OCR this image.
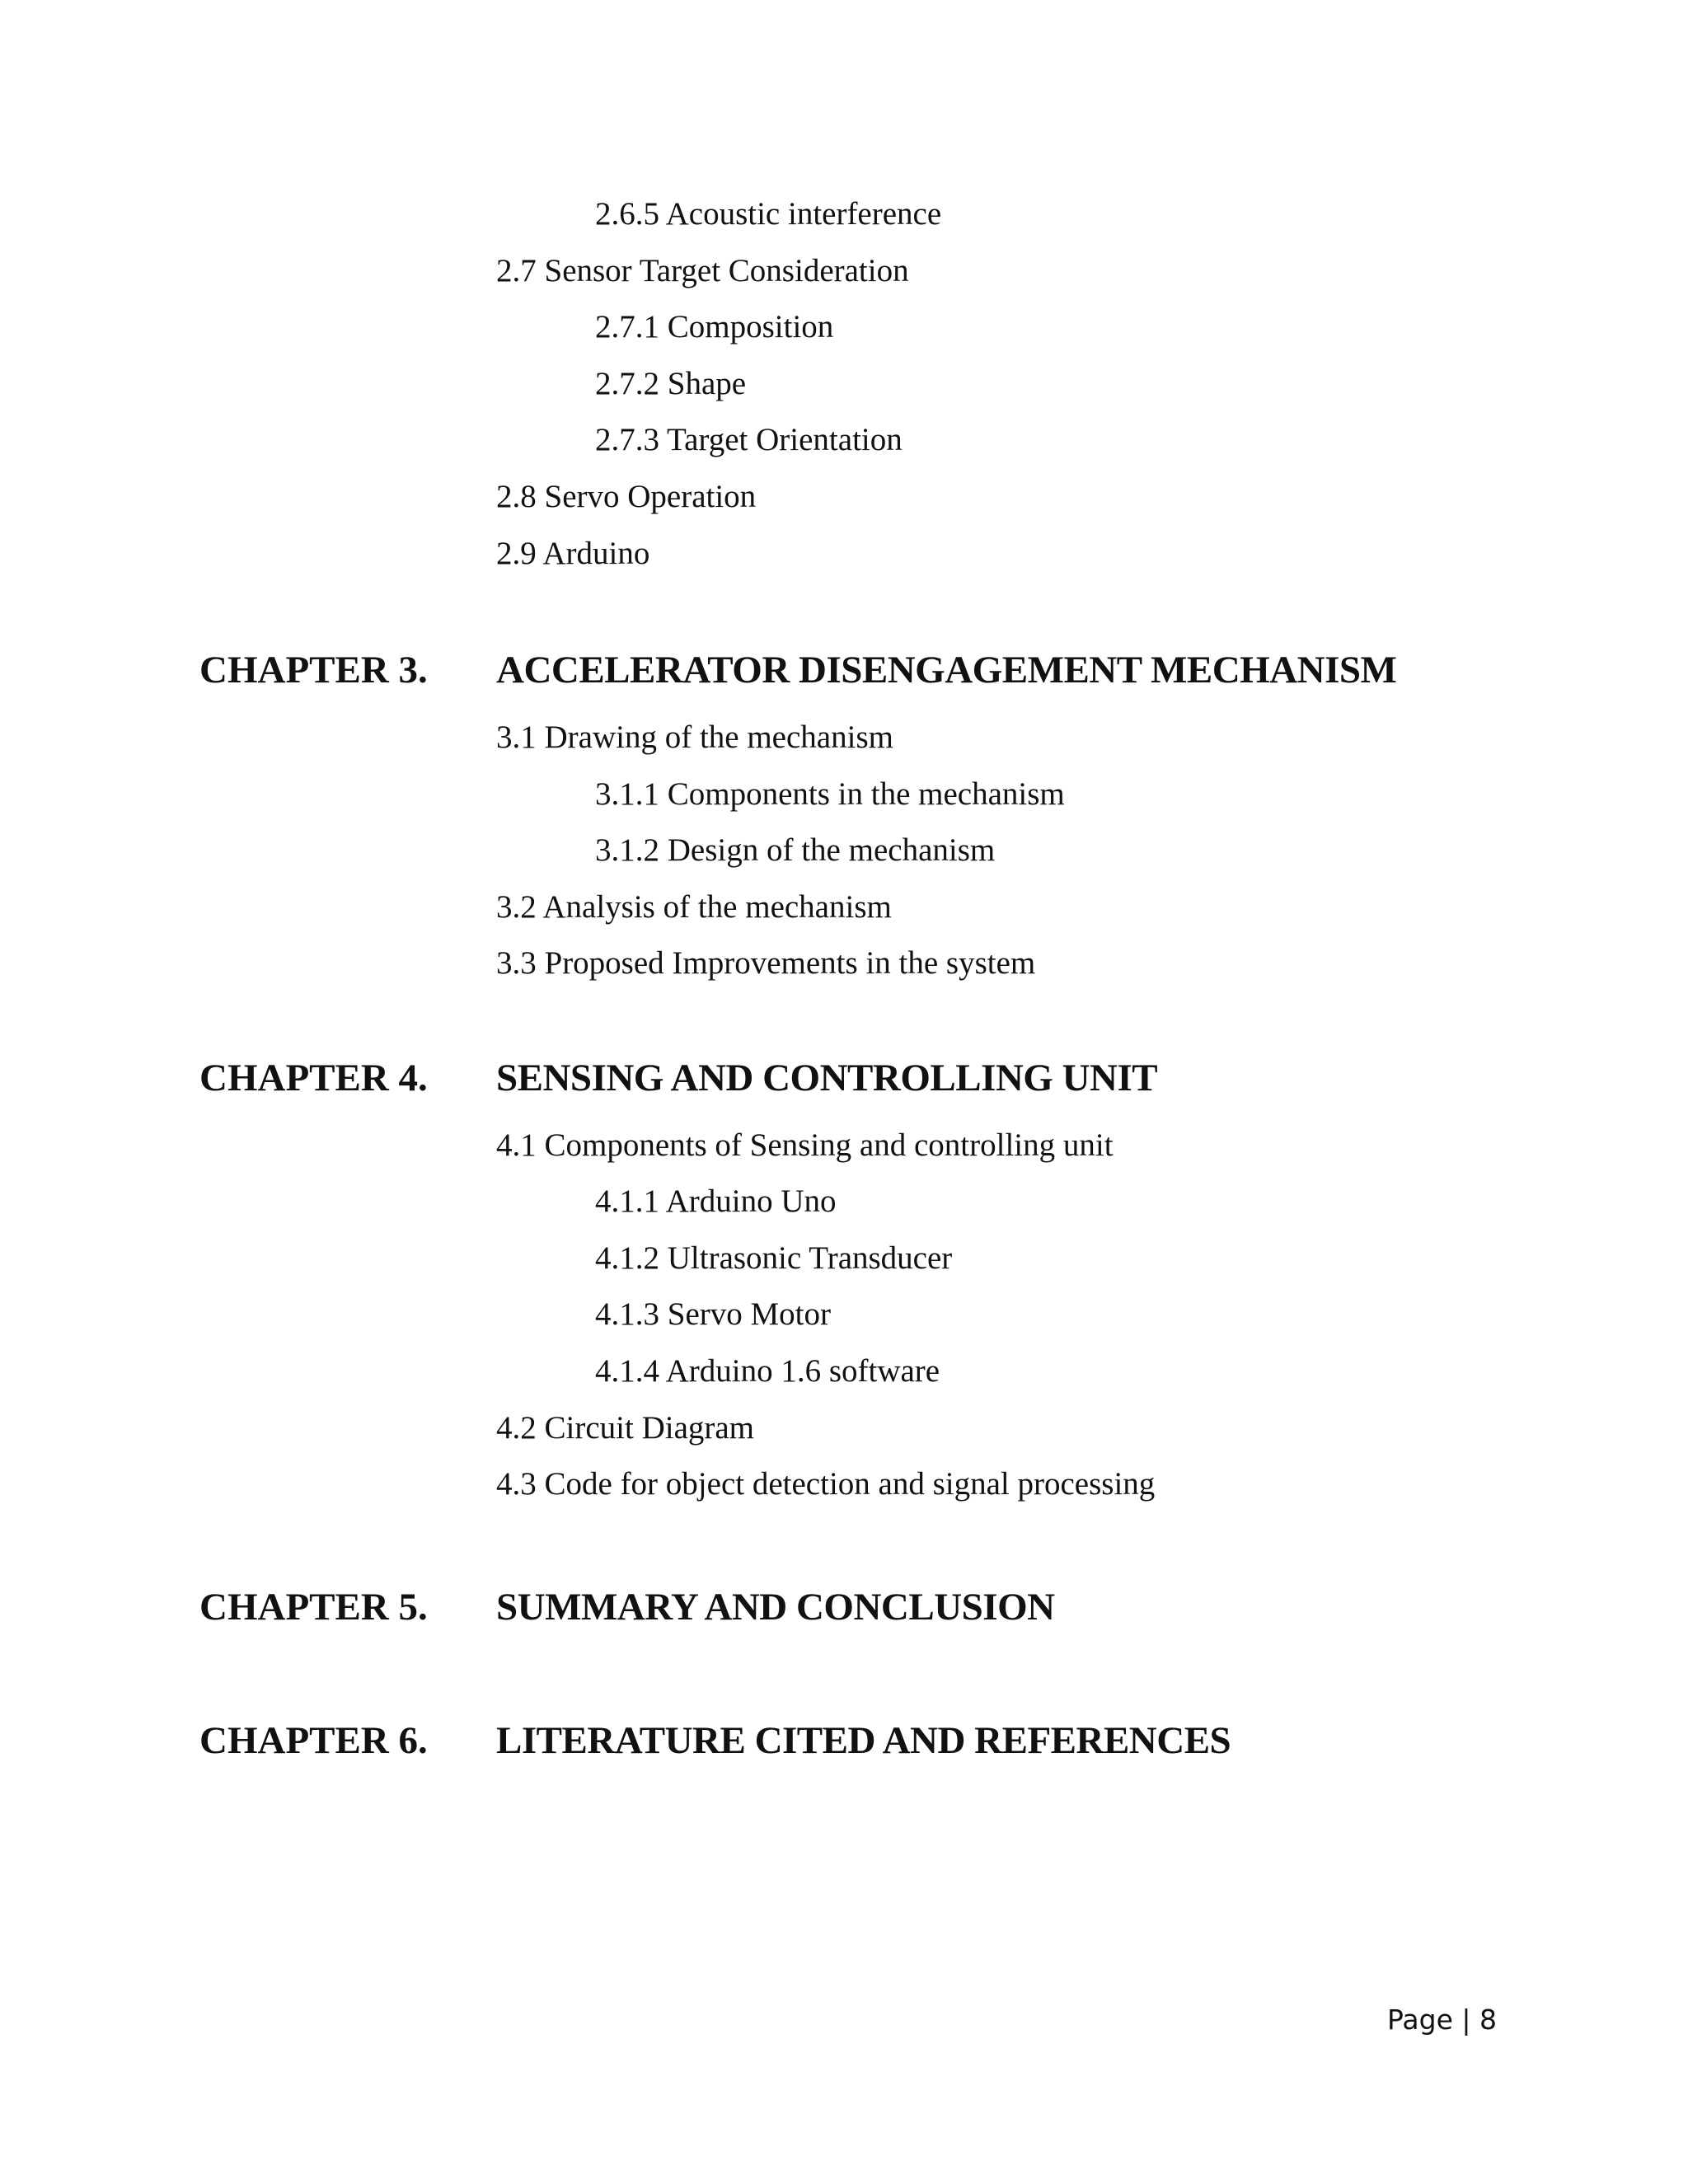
2.6.5 Acoustic interference
2.7 Sensor Target Consideration
2.7.1 Composition
2.7.2 Shape
2.7.3 Target Orientation
2.8 Servo Operation
2.9 Arduino
CHAPTER 3. ACCELERATOR DISENGAGEMENT MECHANISM
3.1 Drawing of the mechanism
3.1.1 Components in the mechanism
3.1.2 Design of the mechanism
3.2 Analysis of the mechanism
3.3 Proposed Improvements in the system
CHAPTER 4. SENSING AND CONTROLLING UNIT
4.1 Components of Sensing and controlling unit
4.1.1 Arduino Uno
4.1.2 Ultrasonic Transducer
4.1.3 Servo Motor
4.1.4 Arduino 1.6 software
4.2 Circuit Diagram
4.3 Code for object detection and signal processing
CHAPTER 5. SUMMARY AND CONCLUSION
CHAPTER 6. LITERATURE CITED AND REFERENCES
Page | 8
